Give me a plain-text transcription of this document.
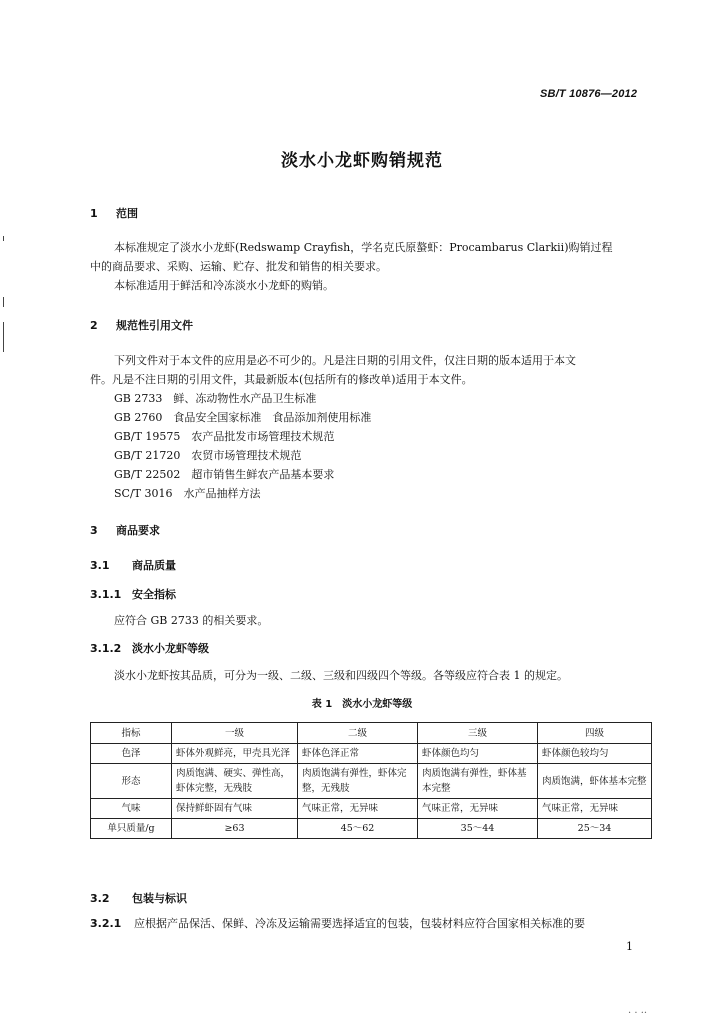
SB/T 10876—2012
淡水小龙虾购销规范
1 范围
本标准规定了淡水小龙虾(Redswamp Crayfish，学名克氏原螯虾：Procambarus Clarkii)购销过程
中的商品要求、采购、运输、贮存、批发和销售的相关要求。
本标准适用于鲜活和冷冻淡水小龙虾的购销。
2 规范性引用文件
下列文件对于本文件的应用是必不可少的。凡是注日期的引用文件，仅注日期的版本适用于本文
件。凡是不注日期的引用文件，其最新版本(包括所有的修改单)适用于本文件。
GB 2733　鲜、冻动物性水产品卫生标准
GB 2760　食品安全国家标准　食品添加剂使用标准
GB/T 19575　农产品批发市场管理技术规范
GB/T 21720　农贸市场管理技术规范
GB/T 22502　超市销售生鲜农产品基本要求
SC/T 3016　水产品抽样方法
3 商品要求
3.1 商品质量
3.1.1 安全指标
应符合 GB 2733 的相关要求。
3.1.2 淡水小龙虾等级
淡水小龙虾按其品质，可分为一级、二级、三级和四级四个等级。各等级应符合表 1 的规定。
表 1　淡水小龙虾等级
指标	一级	二级	三级	四级
色泽	虾体外观鲜亮，甲壳具光泽	虾体色泽正常	虾体颜色均匀	虾体颜色较均匀
形态	肉质饱满、硬实、弹性高，虾体完整，无残肢	肉质饱满有弹性，虾体完整，无残肢	肉质饱满有弹性，虾体基本完整	肉质饱满，虾体基本完整
气味	保持鲜虾固有气味	气味正常，无异味	气味正常，无异味	气味正常，无异味
单只质量/g	≥63	45～62	35～44	25～34
3.2 包装与标识
3.2.1 应根据产品保活、保鲜、冷冻及运输需要选择适宜的包装，包装材料应符合国家相关标准的要
1
· · ··
